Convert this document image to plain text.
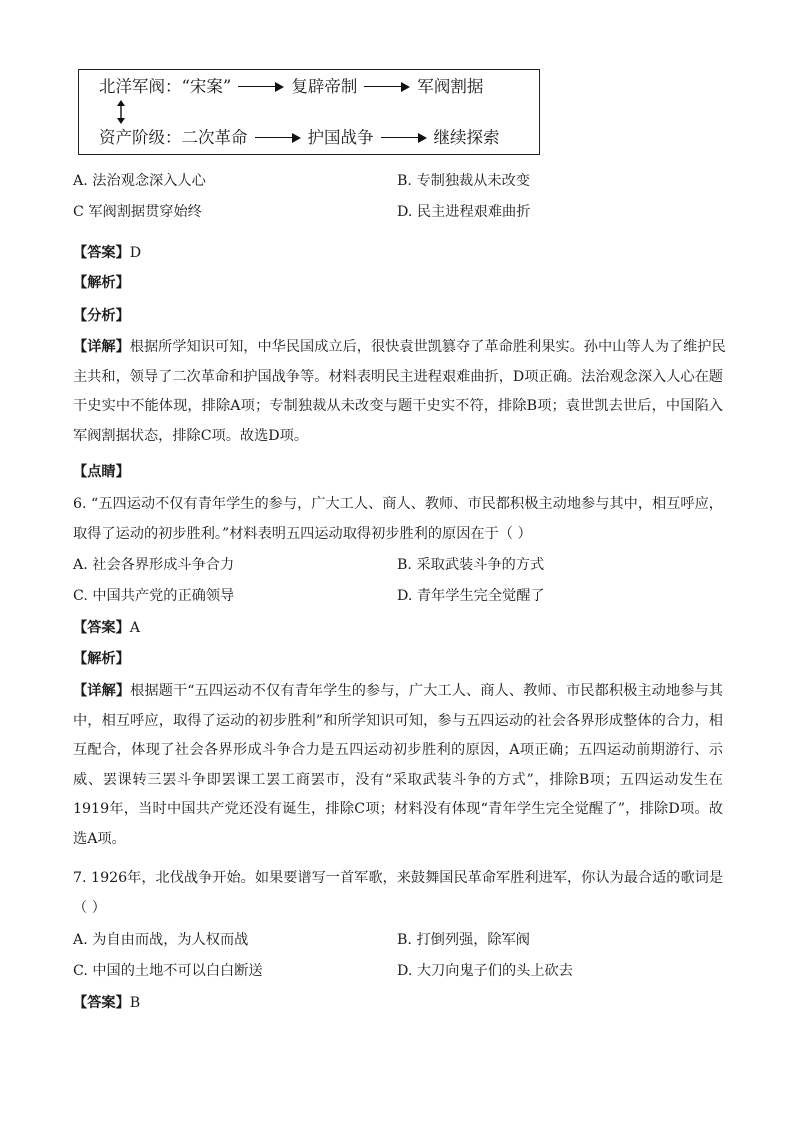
北洋军阀：“宋案”	复辟帝制	军阀割据
资产阶级：二次革命	护国战争	继续探索
A. 法治观念深入人心	B. 专制独裁从未改变
C 军阀割据贯穿始终	D. 民主进程艰难曲折
【答案】D
【解析】
【分析】
【详解】根据所学知识可知，中华民国成立后，很快袁世凯篡夺了革命胜利果实。孙中山等人为了维护民
主共和，领导了二次革命和护国战争等。材料表明民主进程艰难曲折，D项正确。法治观念深入人心在题
干史实中不能体现，排除A项；专制独裁从未改变与题干史实不符，排除B项；袁世凯去世后，中国陷入
军阀割据状态，排除C项。故选D项。
【点睛】
6. “五四运动不仅有青年学生的参与，广大工人、商人、教师、市民都积极主动地参与其中，相互呼应，
取得了运动的初步胜利。”材料表明五四运动取得初步胜利的原因在于（ ）
A. 社会各界形成斗争合力	B. 采取武装斗争的方式
C. 中国共产党的正确领导	D. 青年学生完全觉醒了
【答案】A
【解析】
【详解】根据题干“五四运动不仅有青年学生的参与，广大工人、商人、教师、市民都积极主动地参与其
中，相互呼应，取得了运动的初步胜利”和所学知识可知，参与五四运动的社会各界形成整体的合力，相
互配合，体现了社会各界形成斗争合力是五四运动初步胜利的原因，A项正确；五四运动前期游行、示
威、罢课转三罢斗争即罢课工罢工商罢市，没有“采取武装斗争的方式”，排除B项；五四运动发生在
1919年，当时中国共产党还没有诞生，排除C项；材料没有体现“青年学生完全觉醒了”，排除D项。故
选A项。
7. 1926年，北伐战争开始。如果要谱写一首军歌，来鼓舞国民革命军胜利进军，你认为最合适的歌词是
（ ）
A. 为自由而战，为人权而战	B. 打倒列强，除军阀
C. 中国的土地不可以白白断送	D. 大刀向鬼子们的头上砍去
【答案】B
